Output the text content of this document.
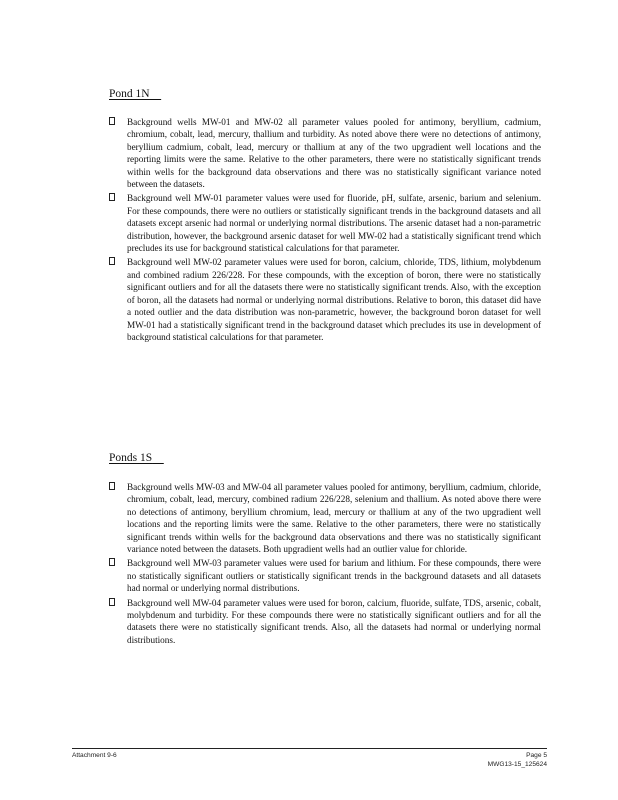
Pond 1N
Background wells MW-01 and MW-02 all parameter values pooled for antimony, beryllium, cadmium, chromium, cobalt, lead, mercury, thallium and turbidity. As noted above there were no detections of antimony, beryllium cadmium, cobalt, lead, mercury or thallium at any of the two upgradient well locations and the reporting limits were the same. Relative to the other parameters, there were no statistically significant trends within wells for the background data observations and there was no statistically significant variance noted between the datasets.
Background well MW-01 parameter values were used for fluoride, pH, sulfate, arsenic, barium and selenium. For these compounds, there were no outliers or statistically significant trends in the background datasets and all datasets except arsenic had normal or underlying normal distributions. The arsenic dataset had a non-parametric distribution, however, the background arsenic dataset for well MW-02 had a statistically significant trend which precludes its use for background statistical calculations for that parameter.
Background well MW-02 parameter values were used for boron, calcium, chloride, TDS, lithium, molybdenum and combined radium 226/228. For these compounds, with the exception of boron, there were no statistically significant outliers and for all the datasets there were no statistically significant trends. Also, with the exception of boron, all the datasets had normal or underlying normal distributions. Relative to boron, this dataset did have a noted outlier and the data distribution was non-parametric, however, the background boron dataset for well MW-01 had a statistically significant trend in the background dataset which precludes its use in development of background statistical calculations for that parameter.
Ponds 1S
Background wells MW-03 and MW-04 all parameter values pooled for antimony, beryllium, cadmium, chloride, chromium, cobalt, lead, mercury, combined radium 226/228, selenium and thallium. As noted above there were no detections of antimony, beryllium chromium, lead, mercury or thallium at any of the two upgradient well locations and the reporting limits were the same. Relative to the other parameters, there were no statistically significant trends within wells for the background data observations and there was no statistically significant variance noted between the datasets. Both upgradient wells had an outlier value for chloride.
Background well MW-03 parameter values were used for barium and lithium. For these compounds, there were no statistically significant outliers or statistically significant trends in the background datasets and all datasets had normal or underlying normal distributions.
Background well MW-04 parameter values were used for boron, calcium, fluoride, sulfate, TDS, arsenic, cobalt, molybdenum and turbidity. For these compounds there were no statistically significant outliers and for all the datasets there were no statistically significant trends. Also, all the datasets had normal or underlying normal distributions.
Attachment 9-6	Page 5
MWG13-15_125624
